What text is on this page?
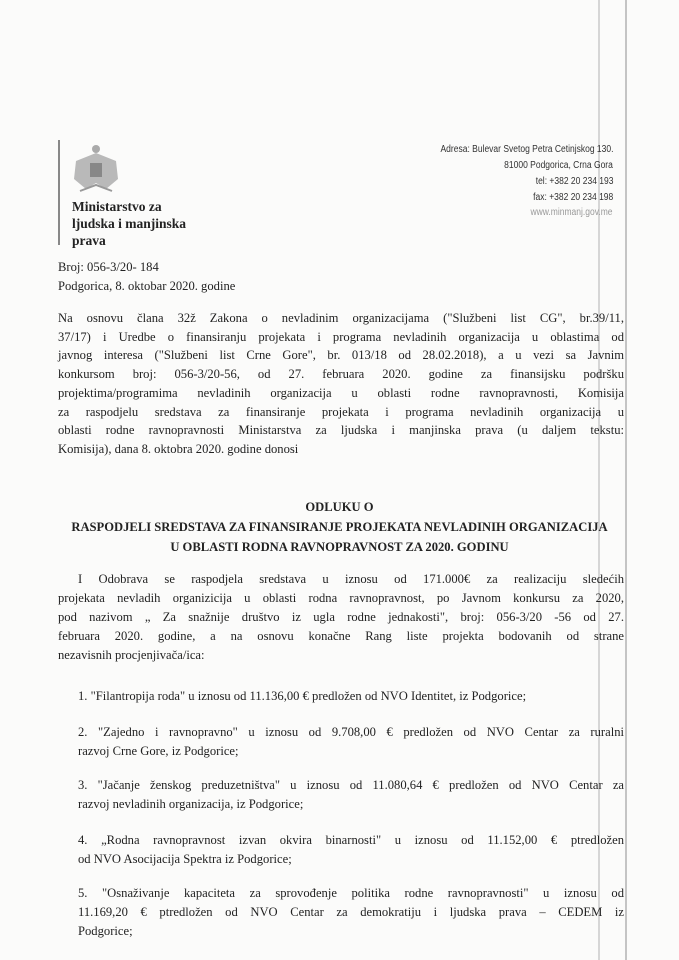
Ministarstvo za
ljudska i manjinska
prava
Adresa: Bulevar Svetog Petra Cetinjskog 130.
81000 Podgorica, Crna Gora
tel: +382 20 234 193
fax: +382 20 234 198
www.minmanj.gov.me
Broj: 056-3/20- 184
Podgorica, 8. oktobar 2020. godine
Na osnovu člana 32ž Zakona o nevladinim organizacijama ("Službeni list CG", br.39/11,
37/17) i Uredbe o finansiranju projekata i programa nevladinih organizacija u oblastima od
javnog interesa ("Službeni list Crne Gore", br. 013/18 od 28.02.2018), a u vezi sa Javnim
konkursom broj: 056-3/20-56, od 27. februara 2020. godine za finansijsku podršku
projektima/programima nevladinih organizacija u oblasti rodne ravnopravnosti, Komisija
za raspodjelu sredstava za finansiranje projekata i programa nevladinih organizacija u
oblasti rodne ravnopravnosti Ministarstva za ljudska i manjinska prava (u daljem tekstu:
Komisija), dana 8. oktobra 2020. godine donosi
ODLUKU O
RASPODJELI SREDSTAVA ZA FINANSIRANJE PROJEKATA NEVLADINIH ORGANIZACIJA
U OBLASTI RODNA RAVNOPRAVNOST ZA 2020. GODINU
I Odobrava se raspodjela sredstava u iznosu od 171.000€ za realizaciju sledećih
projekata nevladih organizicija u oblasti rodna ravnopravnost, po Javnom konkursu za 2020,
pod nazivom „ Za snažnije društvo iz ugla rodne jednakosti", broj: 056-3/20 -56 od 27.
februara 2020. godine, a na osnovu konačne Rang liste projekta bodovanih od strane
nezavisnih procjenjivača/ica:
1. "Filantropija roda" u iznosu od 11.136,00 € predložen od NVO Identitet, iz Podgorice;
2. "Zajedno i ravnopravno" u iznosu od 9.708,00 € predložen od NVO Centar za ruralni
razvoj Crne Gore, iz Podgorice;
3. "Jačanje ženskog preduzetništva" u iznosu od 11.080,64 € predložen od NVO Centar za
razvoj nevladinih organizacija, iz Podgorice;
4. „Rodna ravnopravnost izvan okvira binarnosti" u iznosu od 11.152,00 € ptredložen
od NVO Asocijacija Spektra iz Podgorice;
5. "Osnaživanje kapaciteta za sprovođenje politika rodne ravnopravnosti" u iznosu od
11.169,20 € ptredložen od NVO Centar za demokratiju i ljudska prava – CEDEM iz
Podgorice;
